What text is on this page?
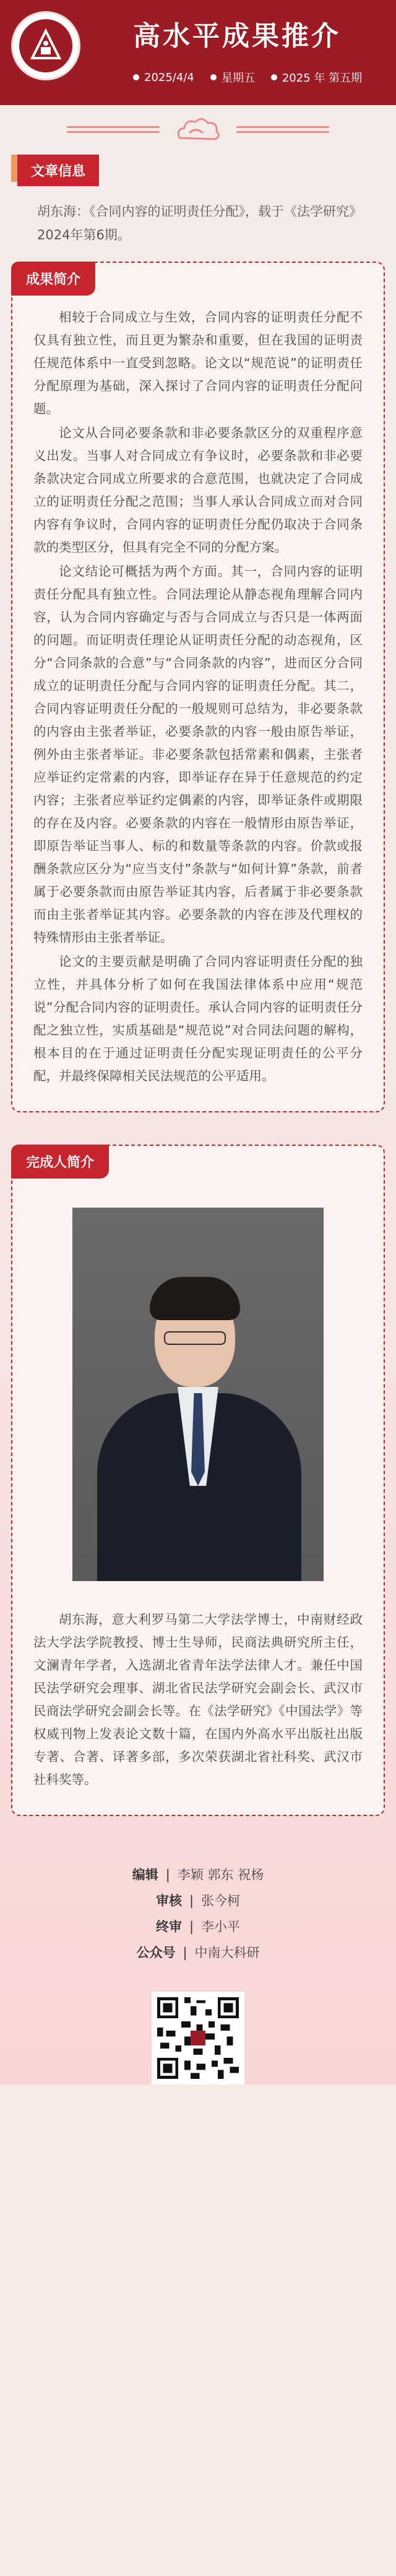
高水平成果推介
2025/4/4 星期五 2025 年 第五期
文章信息

胡东海：《合同内容的证明责任分配》，载于《法学研究》2024年第6期。

成果简介

相较于合同成立与生效，合同内容的证明责任分配不仅具有独立性，而且更为繁杂和重要，但在我国的证明责任规范体系中一直受到忽略。论文以“规范说”的证明责任分配原理为基础，深入探讨了合同内容的证明责任分配问题。

论文从合同必要条款和非必要条款区分的双重程序意义出发。当事人对合同成立有争议时，必要条款和非必要条款决定合同成立所要求的合意范围，也就决定了合同成立的证明责任分配之范围；当事人承认合同成立而对合同内容有争议时，合同内容的证明责任分配仍取决于合同条款的类型区分，但具有完全不同的分配方案。

论文结论可概括为两个方面。其一，合同内容的证明责任分配具有独立性。合同法理论从静态视角理解合同内容，认为合同内容确定与否与合同成立与否只是一体两面的问题。而证明责任理论从证明责任分配的动态视角，区分“合同条款的合意”与“合同条款的内容”，进而区分合同成立的证明责任分配与合同内容的证明责任分配。其二，合同内容证明责任分配的一般规则可总结为，非必要条款的内容由主张者举证，必要条款的内容一般由原告举证，例外由主张者举证。非必要条款包括常素和偶素，主张者应举证约定常素的内容，即举证存在异于任意规范的约定内容；主张者应举证约定偶素的内容，即举证条件或期限的存在及内容。必要条款的内容在一般情形由原告举证，即原告举证当事人、标的和数量等条款的内容。价款或报酬条款应区分为“应当支付”条款与“如何计算”条款，前者属于必要条款而由原告举证其内容，后者属于非必要条款而由主张者举证其内容。必要条款的内容在涉及代理权的特殊情形由主张者举证。

论文的主要贡献是明确了合同内容证明责任分配的独立性，并具体分析了如何在我国法律体系中应用“规范说”分配合同内容的证明责任。承认合同内容的证明责任分配之独立性，实质基础是“规范说”对合同法问题的解构，根本目的在于通过证明责任分配实现证明责任的公平分配，并最终保障相关民法规范的公平适用。

完成人简介

胡东海，意大利罗马第二大学法学博士，中南财经政法大学法学院教授、博士生导师，民商法典研究所主任，文澜青年学者，入选湖北省青年法学法律人才。兼任中国民法学研究会理事、湖北省民法学研究会副会长、武汉市民商法学研究会副会长等。在《法学研究》《中国法学》等权威刊物上发表论文数十篇，在国内外高水平出版社出版专著、合著、译著多部，多次荣获湖北省社科奖、武汉市社科奖等。

编辑 | 李颖 郭东 祝杨
审核 | 张今柯
终审 | 李小平
公众号 | 中南大科研
